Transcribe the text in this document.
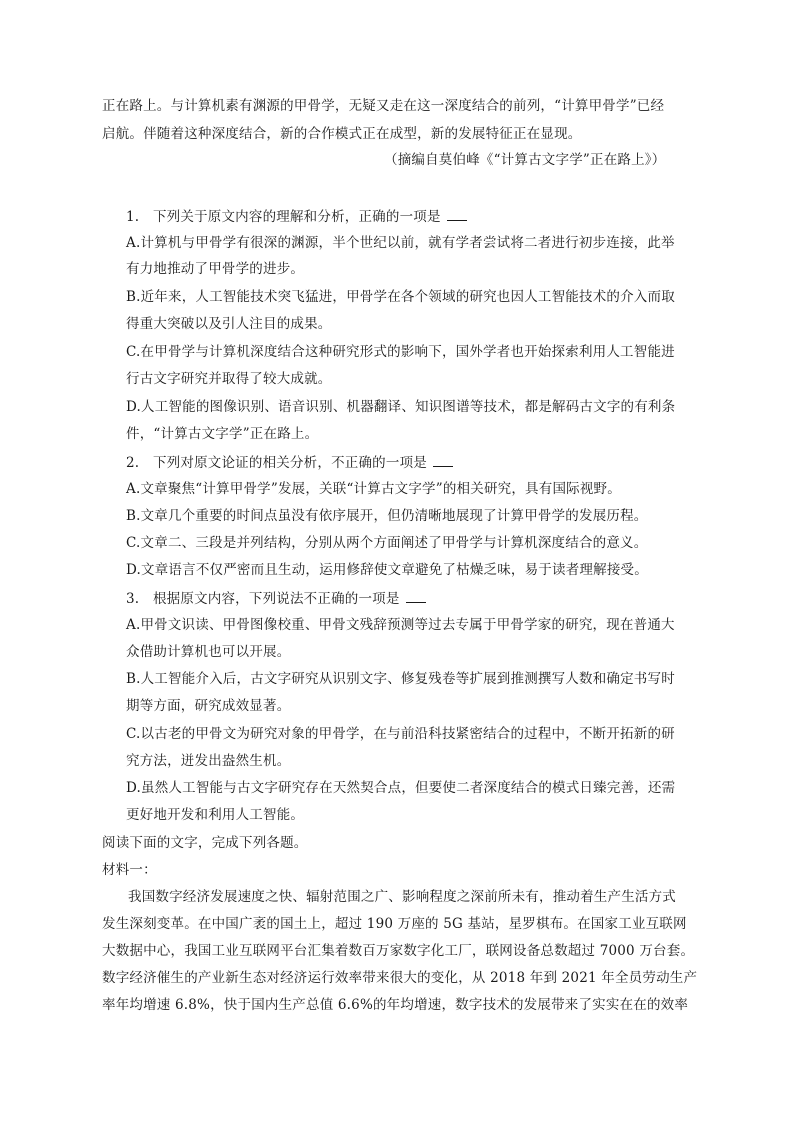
正在路上。与计算机素有渊源的甲骨学，无疑又走在这一深度结合的前列，“计算甲骨学”已经
启航。伴随着这种深度结合，新的合作模式正在成型，新的发展特征正在显现。
（摘编自莫伯峰《“计算古文字学”正在路上》）
1.　下列关于原文内容的理解和分析，正确的一项是
A.计算机与甲骨学有很深的渊源，半个世纪以前，就有学者尝试将二者进行初步连接，此举
有力地推动了甲骨学的进步。
B.近年来，人工智能技术突飞猛进，甲骨学在各个领域的研究也因人工智能技术的介入而取
得重大突破以及引人注目的成果。
C.在甲骨学与计算机深度结合这种研究形式的影响下，国外学者也开始探索利用人工智能进
行古文字研究并取得了较大成就。
D.人工智能的图像识别、语音识别、机器翻译、知识图谱等技术，都是解码古文字的有利条
件，“计算古文字学”正在路上。
2.　下列对原文论证的相关分析，不正确的一项是
A.文章聚焦“计算甲骨学”发展，关联“计算古文字学”的相关研究，具有国际视野。
B.文章几个重要的时间点虽没有依序展开，但仍清晰地展现了计算甲骨学的发展历程。
C.文章二、三段是并列结构，分别从两个方面阐述了甲骨学与计算机深度结合的意义。
D.文章语言不仅严密而且生动，运用修辞使文章避免了枯燥乏味，易于读者理解接受。
3.　根据原文内容，下列说法不正确的一项是
A.甲骨文识读、甲骨图像校重、甲骨文残辞预测等过去专属于甲骨学家的研究，现在普通大
众借助计算机也可以开展。
B.人工智能介入后，古文字研究从识别文字、修复残卷等扩展到推测撰写人数和确定书写时
期等方面，研究成效显著。
C.以古老的甲骨文为研究对象的甲骨学，在与前沿科技紧密结合的过程中，不断开拓新的研
究方法，迸发出盎然生机。
D.虽然人工智能与古文字研究存在天然契合点，但要使二者深度结合的模式日臻完善，还需
更好地开发和利用人工智能。
阅读下面的文字，完成下列各题。
材料一：
我国数字经济发展速度之快、辐射范围之广、影响程度之深前所未有，推动着生产生活方式
发生深刻变革。在中国广袤的国土上，超过 190 万座的 5G 基站，星罗棋布。在国家工业互联网
大数据中心，我国工业互联网平台汇集着数百万家数字化工厂，联网设备总数超过 7000 万台套。
数字经济催生的产业新生态对经济运行效率带来很大的变化，从 2018 年到 2021 年全员劳动生产
率年均增速 6.8%，快于国内生产总值 6.6%的年均增速，数字技术的发展带来了实实在在的效率
